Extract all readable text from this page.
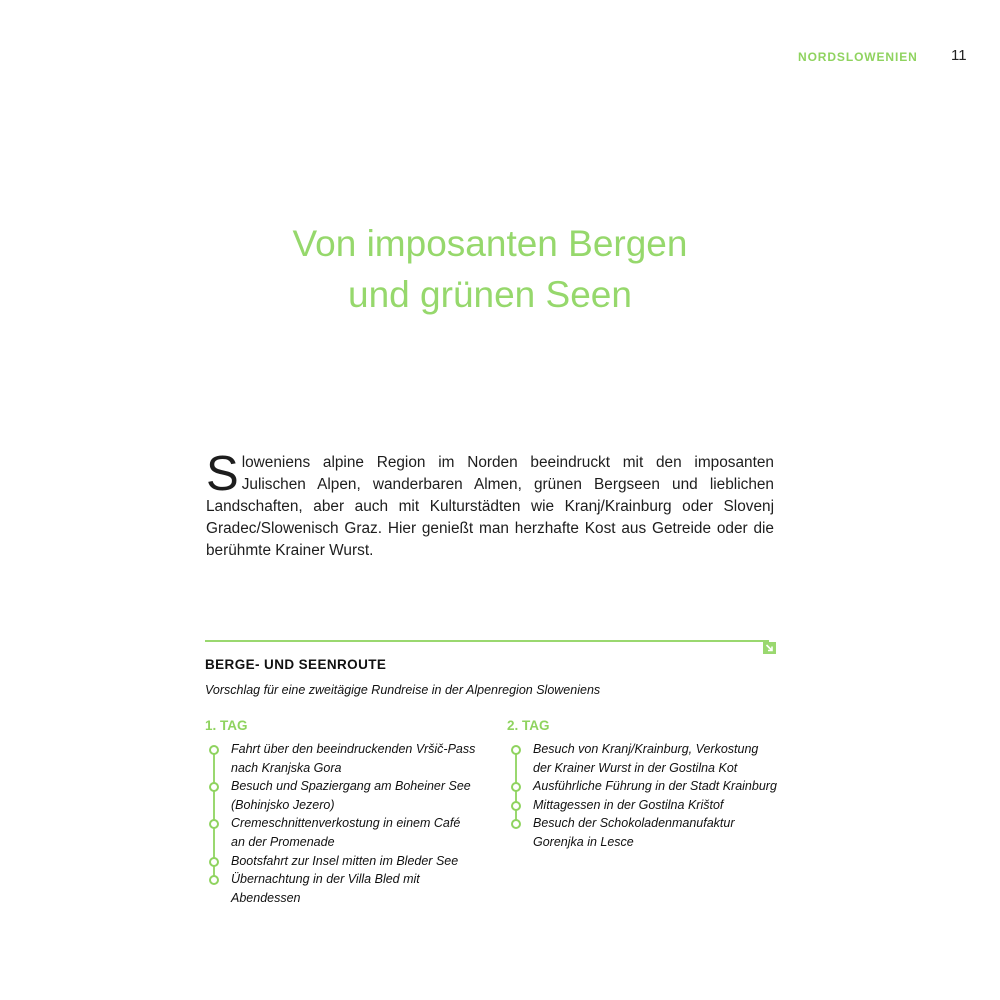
NORDSLOWENIEN 11
Von imposanten Bergen
und grünen Seen
S loweniens alpine Region im Norden beeindruckt mit den imposanten Julischen Alpen, wanderbaren Almen, grünen Bergseen und lieblichen Landschaften, aber auch mit Kulturstädten wie Kranj/Krainburg oder Slovenj Gradec/Slowenisch Graz. Hier genießt man herzhafte Kost aus Getreide oder die berühmte Krainer Wurst.
BERGE- UND SEENROUTE
Vorschlag für eine zweitägige Rundreise in der Alpenregion Sloweniens
1. TAG
Fahrt über den beeindruckenden Vršič-Pass
nach Kranjska Gora
Besuch und Spaziergang am Boheiner See
(Bohinjsko Jezero)
Cremeschnittenverkostung in einem Café
an der Promenade
Bootsfahrt zur Insel mitten im Bleder See
Übernachtung in der Villa Bled mit
Abendessen
2. TAG
Besuch von Kranj/Krainburg, Verkostung
der Krainer Wurst in der Gostilna Kot
Ausführliche Führung in der Stadt Krainburg
Mittagessen in der Gostilna Krištof
Besuch der Schokoladenmanufaktur
Gorenjka in Lesce
